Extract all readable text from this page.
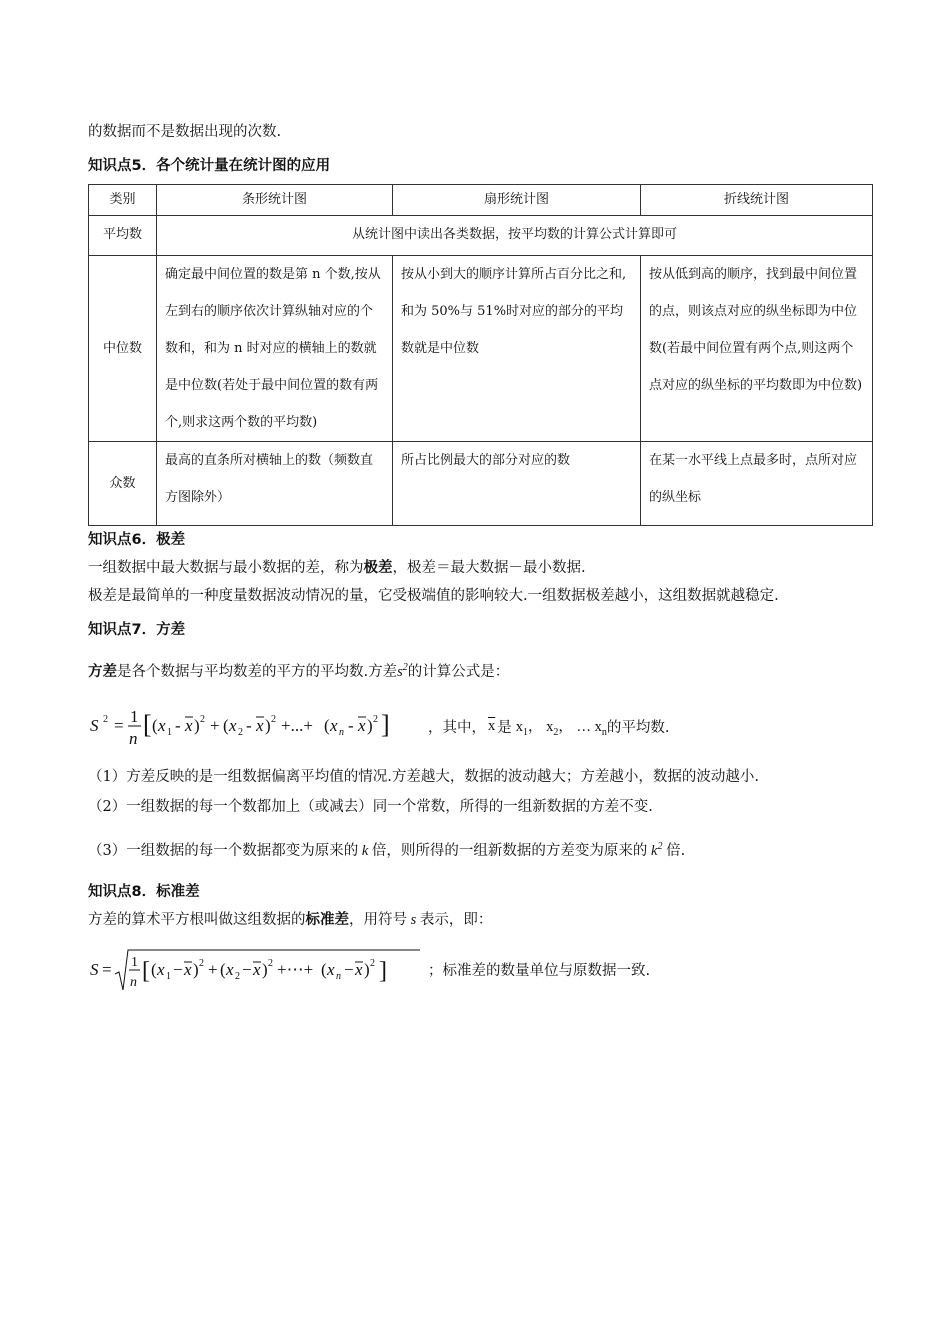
的数据而不是数据出现的次数.

知识点5．各个统计量在统计图的应用

类别	条形统计图	扇形统计图	折线统计图
平均数	从统计图中读出各类数据，按平均数的计算公式计算即可		
中位数	确定最中间位置的数是第 n 个数,按从左到右的顺序依次计算纵轴对应的个数和，和为 n 时对应的横轴上的数就是中位数(若处于最中间位置的数有两个,则求这两个数的平均数)	按从小到大的顺序计算所占百分比之和,和为 50%与 51%时对应的部分的平均数就是中位数	按从低到高的顺序，找到最中间位置的点，则该点对应的纵坐标即为中位数(若最中间位置有两个点,则这两个点对应的纵坐标的平均数即为中位数)
众数	最高的直条所对横轴上的数（频数直方图除外）	所占比例最大的部分对应的数	在某一水平线上点最多时，点所对应的纵坐标

知识点6．极差

一组数据中最大数据与最小数据的差，称为极差，极差＝最大数据－最小数据.

极差是最简单的一种度量数据波动情况的量，它受极端值的影响较大.一组数据极差越小，这组数据就越稳定.

知识点7．方差

方差是各个数据与平均数差的平方的平均数.方差$s^2$的计算公式是：

S 2 = 1
n [ ( x 1 - x ) 2 + ( x 2 - x ) 2 +...+ ( x n - x ) 2 ]	，其中， $\overline{x}$ 是 $x_1$， $x_2$， … $x_n$ 的平均数.

（1）方差反映的是一组数据偏离平均值的情况.方差越大，数据的波动越大；方差越小，数据的波动越小.

（2）一组数据的每一个数都加上（或减去）同一个常数，所得的一组新数据的方差不变.

（3）一组数据的每一个数据都变为原来的 k 倍，则所得的一组新数据的方差变为原来的 $k^2$ 倍.

知识点8．标准差

方差的算术平方根叫做这组数据的标准差，用符号 s 表示，即：

S = 1
n [ ( x 1 − x ) 2 + ( x 2 − x ) 2 +⋯+ ( x n − x ) 2 ]	；标准差的数量单位与原数据一致.
